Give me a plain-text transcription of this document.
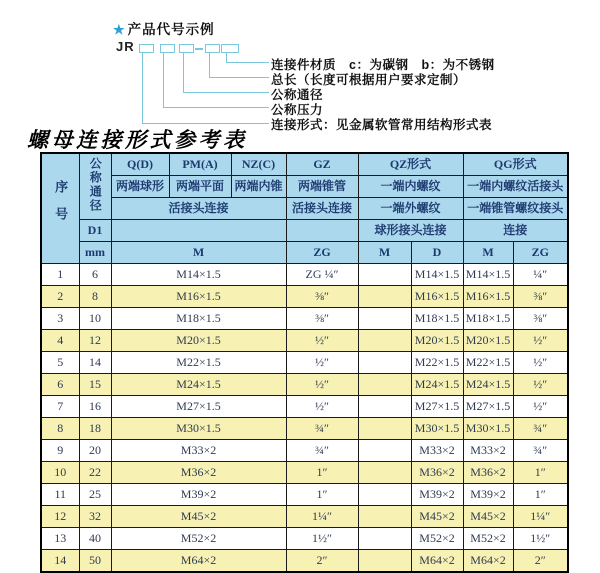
★ 产品代号示例
JR
连接件材质　c：为碳钢　b：为不锈钢
总长（长度可根据用户要求定制）
公称通径
公称压力
连接形式：见金属软管常用结构形式表
螺母连接形式参考表
序号	公称通径	Q(D)	PM(A)	NZ(C)	GZ	QZ形式		QG形式	
		两端球形	两端平面	两端内锥	两端锥管	一端内螺纹		一端内螺纹活接头	
		活接头连接			活接头连接	一端外螺纹		一端锥管螺纹接头	
	D1					球形接头连接		连接	
	mm	M			ZG	M	D	M	ZG
1	6	M14×1.5			ZG ¼″		M14×1.5	M14×1.5	¼″
2	8	M16×1.5			⅜″		M16×1.5	M16×1.5	⅜″
3	10	M18×1.5			⅜″		M18×1.5	M18×1.5	⅜″
4	12	M20×1.5			½″		M20×1.5	M20×1.5	½″
5	14	M22×1.5			½″		M22×1.5	M22×1.5	½″
6	15	M24×1.5			½″		M24×1.5	M24×1.5	½″
7	16	M27×1.5			½″		M27×1.5	M27×1.5	½″
8	18	M30×1.5			¾″		M30×1.5	M30×1.5	¾″
9	20	M33×2			¾″		M33×2	M33×2	¾″
10	22	M36×2			1″		M36×2	M36×2	1″
11	25	M39×2			1″		M39×2	M39×2	1″
12	32	M45×2			1¼″		M45×2	M45×2	1¼″
13	40	M52×2			1½″		M52×2	M52×2	1½″
14	50	M64×2			2″		M64×2	M64×2	2″
